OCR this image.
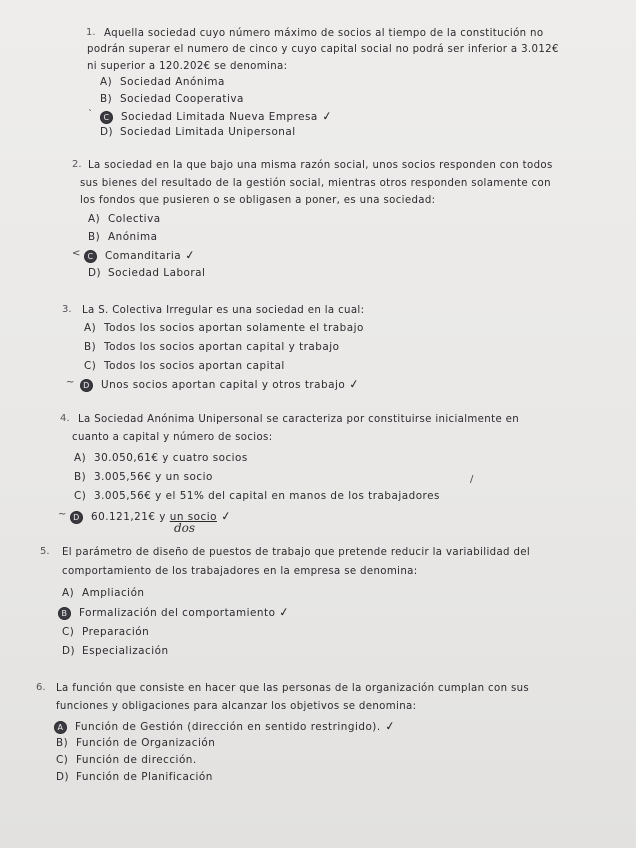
1. Aquella sociedad cuyo número máximo de socios al tiempo de la constitución no
podrán superar el numero de cinco y cuyo capital social no podrá ser inferior a 3.012€
ni superior a 120.202€ se denomina:
A) Sociedad Anónima
B) Sociedad Cooperativa
`	C Sociedad Limitada Nueva Empresa ✓
D) Sociedad Limitada Unipersonal
2. La sociedad en la que bajo una misma razón social, unos socios responden con todos
sus bienes del resultado de la gestión social, mientras otros responden solamente con
los fondos que pusieren o se obligasen a poner, es una sociedad:
A) Colectiva
B) Anónima
< C Comanditaria ✓
D) Sociedad Laboral
3. La S. Colectiva Irregular es una sociedad en la cual:
A) Todos los socios aportan solamente el trabajo
B) Todos los socios aportan capital y trabajo
C) Todos los socios aportan capital
~	D Unos socios aportan capital y otros trabajo ✓
4. La Sociedad Anónima Unipersonal se caracteriza por constituirse inicialmente en
cuanto a capital y número de socios:
A) 30.050,61€ y cuatro socios
B) 3.005,56€ y un socio
C) 3.005,56€ y el 51% del capital en manos de los trabajadores
/
~ D 60.121,21€ y un socio ✓
dos
5. El parámetro de diseño de puestos de trabajo que pretende reducir la variabilidad del
comportamiento de los trabajadores en la empresa se denomina:
A) Ampliación
B Formalización del comportamiento ✓
C) Preparación
D) Especialización
6. La función que consiste en hacer que las personas de la organización cumplan con sus
funciones y obligaciones para alcanzar los objetivos se denomina:
A Función de Gestión (dirección en sentido restringido). ✓
B) Función de Organización
C) Función de dirección.
D) Función de Planificación
